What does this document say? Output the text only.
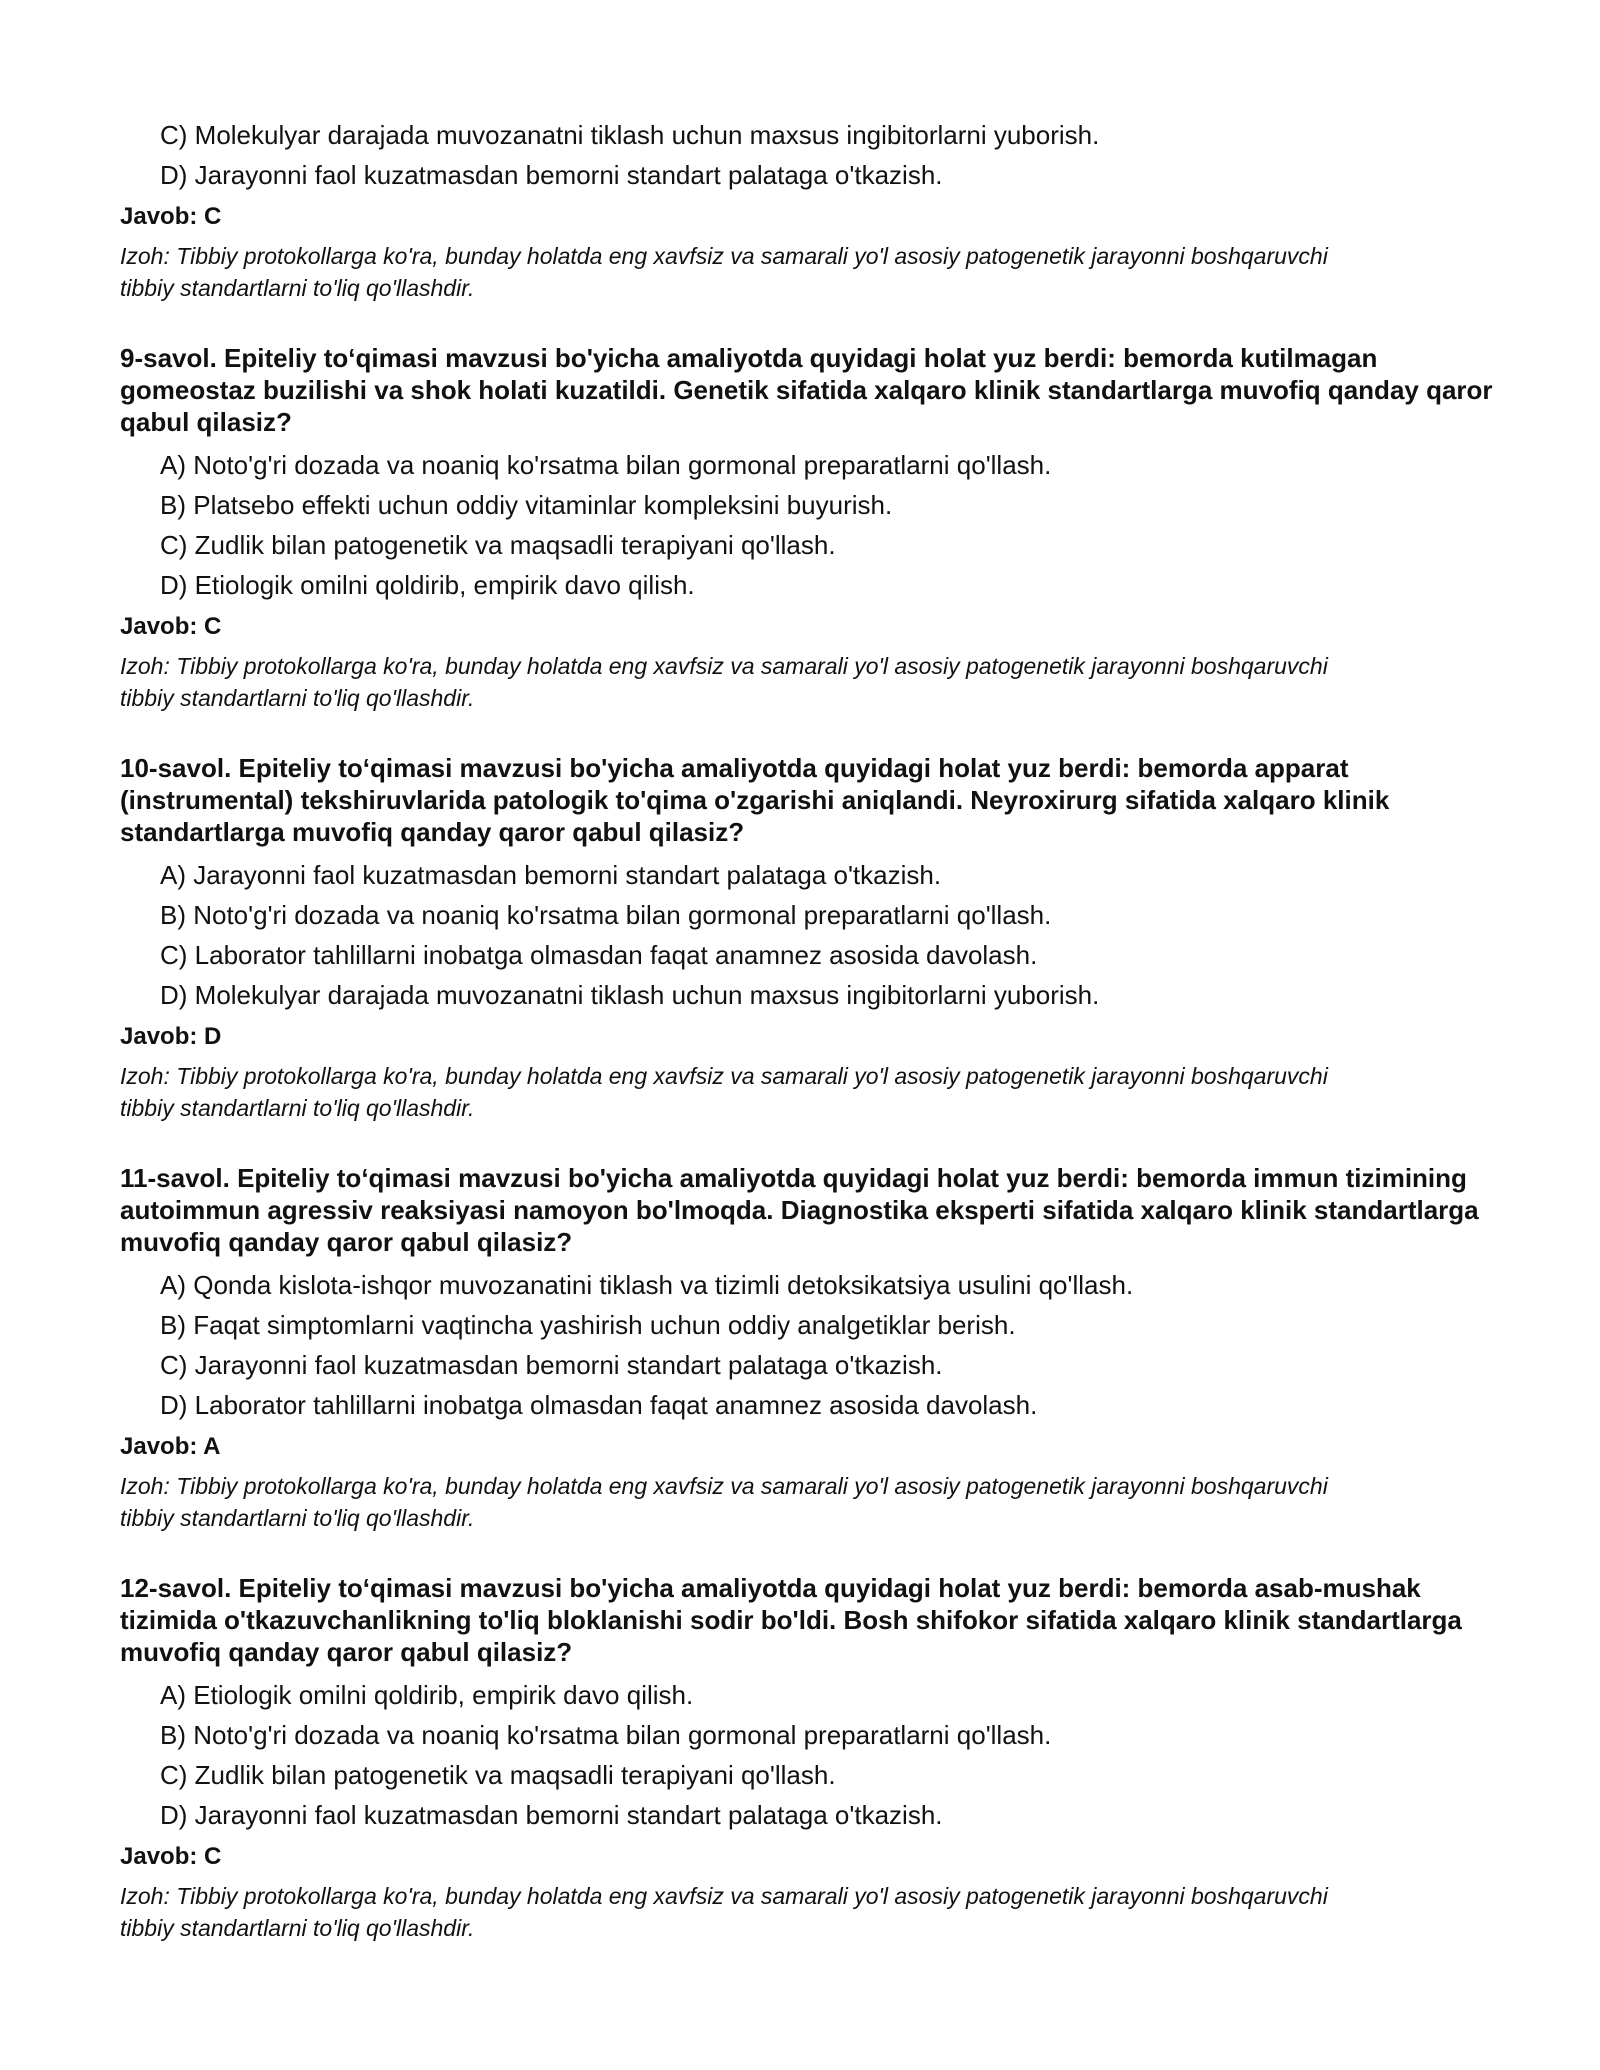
C) Molekulyar darajada muvozanatni tiklash uchun maxsus ingibitorlarni yuborish.
D) Jarayonni faol kuzatmasdan bemorni standart palataga o'tkazish.
Javob: C

Izoh: Tibbiy protokollarga ko'ra, bunday holatda eng xavfsiz va samarali yo'l asosiy patogenetik jarayonni boshqaruvchi tibbiy standartlarni to'liq qo'llashdir.

9-savol. Epiteliy to‘qimasi mavzusi bo'yicha amaliyotda quyidagi holat yuz berdi: bemorda kutilmagan gomeostaz buzilishi va shok holati kuzatildi. Genetik sifatida xalqaro klinik standartlarga muvofiq qanday qaror qabul qilasiz?

A) Noto'g'ri dozada va noaniq ko'rsatma bilan gormonal preparatlarni qo'llash.
B) Platsebo effekti uchun oddiy vitaminlar kompleksini buyurish.
C) Zudlik bilan patogenetik va maqsadli terapiyani qo'llash.
D) Etiologik omilni qoldirib, empirik davo qilish.
Javob: C

Izoh: Tibbiy protokollarga ko'ra, bunday holatda eng xavfsiz va samarali yo'l asosiy patogenetik jarayonni boshqaruvchi tibbiy standartlarni to'liq qo'llashdir.

10-savol. Epiteliy to‘qimasi mavzusi bo'yicha amaliyotda quyidagi holat yuz berdi: bemorda apparat (instrumental) tekshiruvlarida patologik to'qima o'zgarishi aniqlandi. Neyroxirurg sifatida xalqaro klinik standartlarga muvofiq qanday qaror qabul qilasiz?

A) Jarayonni faol kuzatmasdan bemorni standart palataga o'tkazish.
B) Noto'g'ri dozada va noaniq ko'rsatma bilan gormonal preparatlarni qo'llash.
C) Laborator tahlillarni inobatga olmasdan faqat anamnez asosida davolash.
D) Molekulyar darajada muvozanatni tiklash uchun maxsus ingibitorlarni yuborish.
Javob: D

Izoh: Tibbiy protokollarga ko'ra, bunday holatda eng xavfsiz va samarali yo'l asosiy patogenetik jarayonni boshqaruvchi tibbiy standartlarni to'liq qo'llashdir.

11-savol. Epiteliy to‘qimasi mavzusi bo'yicha amaliyotda quyidagi holat yuz berdi: bemorda immun tizimining autoimmun agressiv reaksiyasi namoyon bo'lmoqda. Diagnostika eksperti sifatida xalqaro klinik standartlarga muvofiq qanday qaror qabul qilasiz?

A) Qonda kislota-ishqor muvozanatini tiklash va tizimli detoksikatsiya usulini qo'llash.
B) Faqat simptomlarni vaqtincha yashirish uchun oddiy analgetiklar berish.
C) Jarayonni faol kuzatmasdan bemorni standart palataga o'tkazish.
D) Laborator tahlillarni inobatga olmasdan faqat anamnez asosida davolash.
Javob: A

Izoh: Tibbiy protokollarga ko'ra, bunday holatda eng xavfsiz va samarali yo'l asosiy patogenetik jarayonni boshqaruvchi tibbiy standartlarni to'liq qo'llashdir.

12-savol. Epiteliy to‘qimasi mavzusi bo'yicha amaliyotda quyidagi holat yuz berdi: bemorda asab-mushak tizimida o'tkazuvchanlikning to'liq bloklanishi sodir bo'ldi. Bosh shifokor sifatida xalqaro klinik standartlarga muvofiq qanday qaror qabul qilasiz?

A) Etiologik omilni qoldirib, empirik davo qilish.
B) Noto'g'ri dozada va noaniq ko'rsatma bilan gormonal preparatlarni qo'llash.
C) Zudlik bilan patogenetik va maqsadli terapiyani qo'llash.
D) Jarayonni faol kuzatmasdan bemorni standart palataga o'tkazish.
Javob: C

Izoh: Tibbiy protokollarga ko'ra, bunday holatda eng xavfsiz va samarali yo'l asosiy patogenetik jarayonni boshqaruvchi tibbiy standartlarni to'liq qo'llashdir.
